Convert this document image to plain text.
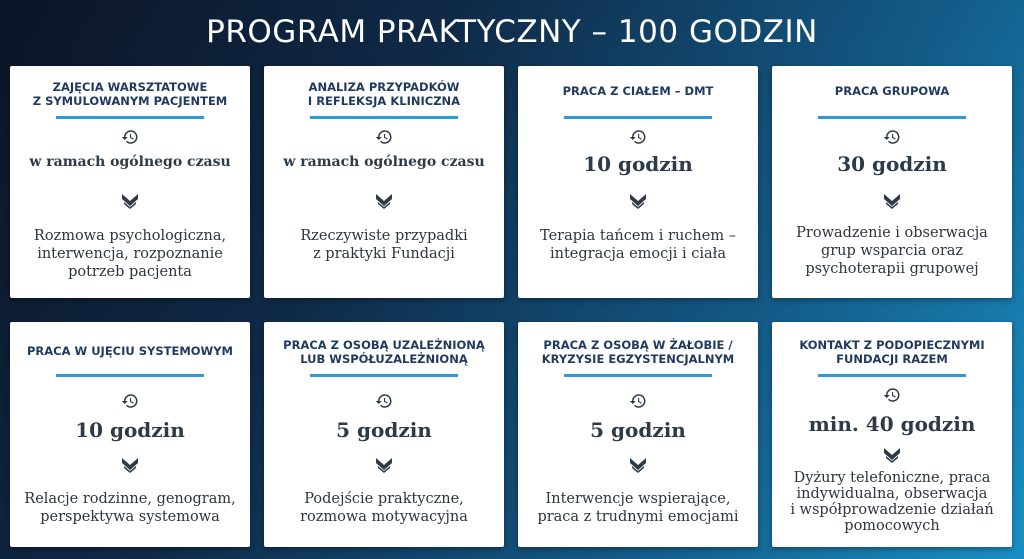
PROGRAM PRAKTYCZNY – 100 GODZIN
ZAJĘCIA WARSZTATOWE
Z SYMULOWANYM PACJENTEM
w ramach ogólnego czasu
Rozmowa psychologiczna,
interwencja, rozpoznanie
potrzeb pacjenta
ANALIZA PRZYPADKÓW
I REFLEKSJA KLINICZNA
w ramach ogólnego czasu
Rzeczywiste przypadki
z praktyki Fundacji
PRACA Z CIAŁEM – DMT
10 godzin
Terapia tańcem i ruchem –
integracja emocji i ciała
PRACA GRUPOWA
30 godzin
Prowadzenie i obserwacja
grup wsparcia oraz
psychoterapii grupowej
PRACA W UJĘCIU SYSTEMOWYM
10 godzin
Relacje rodzinne, genogram,
perspektywa systemowa
PRACA Z OSOBĄ UZALEŻNIONĄ
LUB WSPÓŁUZALEŻNIONĄ
5 godzin
Podejście praktyczne,
rozmowa motywacyjna
PRACA Z OSOBĄ W ŻAŁOBIE /
KRYZYSIE EGZYSTENCJALNYM
5 godzin
Interwencje wspierające,
praca z trudnymi emocjami
KONTAKT Z PODOPIECZNYMI
FUNDACJI RAZEM
min. 40 godzin
Dyżury telefoniczne, praca
indywidualna, obserwacja
i współprowadzenie działań
pomocowych
